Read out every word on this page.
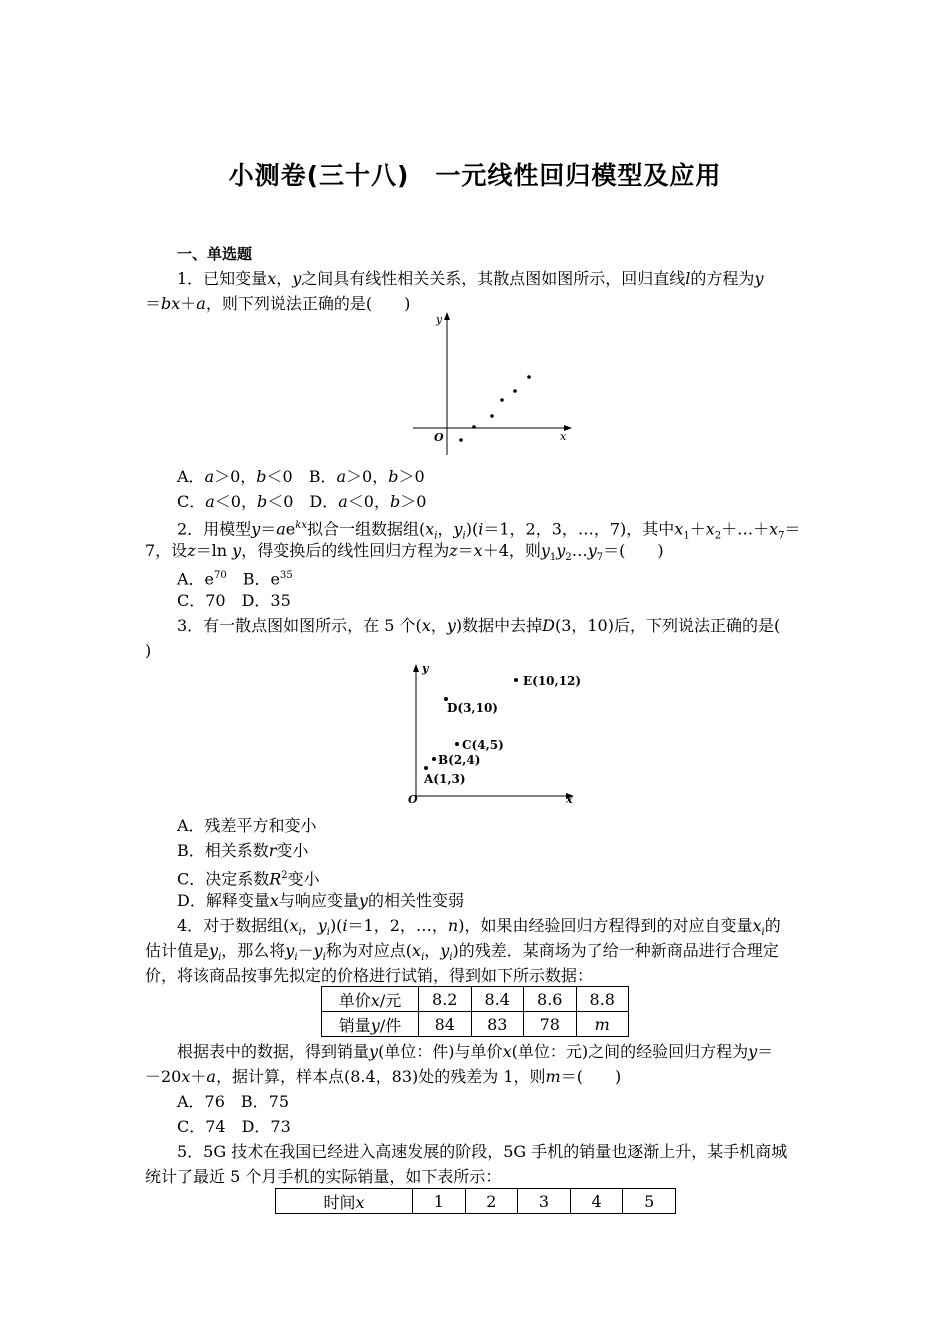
小测卷(三十八)　一元线性回归模型及应用
一、单选题
1．已知变量x，y之间具有线性相关关系，其散点图如图所示，回归直线l的方程为y
＝bx＋a，则下列说法正确的是(　　)
y
x
O
A．a＞0，b＜0　B．a＞0，b＞0
C．a＜0，b＜0　D．a＜0，b＞0
2．用模型$y=ae^{kx}$拟合一组数据组($x_i$，$y_i)(i=1$，2，3，…，7)，其中$x_1+x_2+\dots+x_7=$
7，设z＝ln y，得变换后的线性回归方程为z＝x＋4，则$y_1y_2\dots y_7=$(　　)
A．$e^{70}$　B．$e^{35}$
C．70　D．35
3．有一散点图如图所示，在 5 个(x，y)数据中去掉D(3，10)后，下列说法正确的是(
)
y
x
O
E(10,12)
D(3,10)
C(4,5)
B(2,4)
A(1,3)
A．残差平方和变小
B．相关系数r变小
C．决定系数$R^2$变小
D．解释变量x与响应变量y的相关性变弱
4．对于数据组($x_i$，$y_i)(i=1$，2，…，n)，如果由经验回归方程得到的对应自变量$x_i$的
估计值是$y_i$，那么将$y_i-y_i$称为对应点($x_i$，$y_i$)的残差．某商场为了给一种新商品进行合理定
价，将该商品按事先拟定的价格进行试销，得到如下所示数据：
单价x/元	8.2	8.4	8.6	8.8
销量y/件	84	83	78	m
根据表中的数据，得到销量y(单位：件)与单价x(单位：元)之间的经验回归方程为y＝
－20x＋a，据计算，样本点(8.4，83)处的残差为 1，则m＝(　　)
A．76　B．75
C．74　D．73
5．5G 技术在我国已经进入高速发展的阶段，5G 手机的销量也逐渐上升，某手机商城
统计了最近 5 个月手机的实际销量，如下表所示：
时间x	1	2	3	4	5
